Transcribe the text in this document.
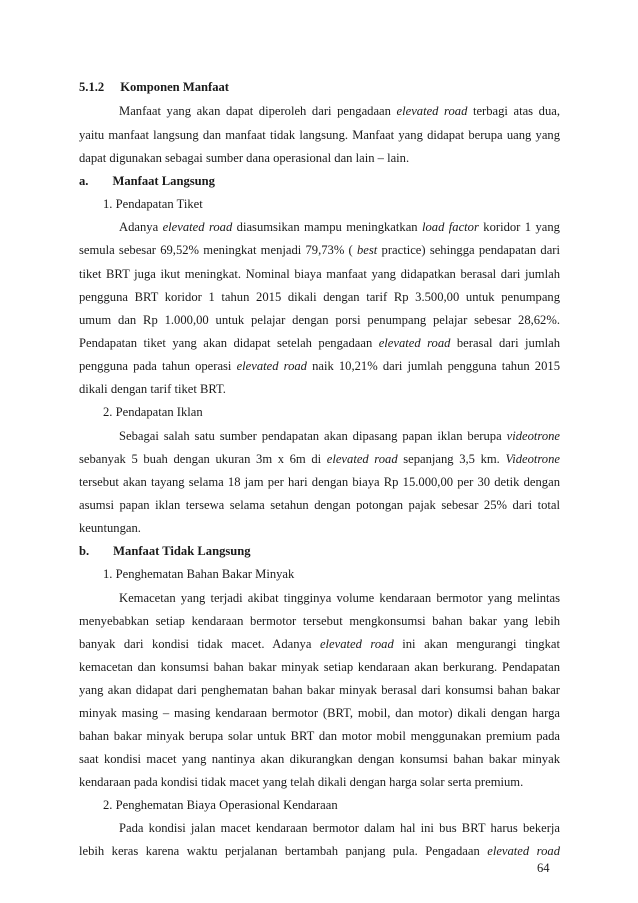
5.1.2 Komponen Manfaat
Manfaat yang akan dapat diperoleh dari pengadaan elevated road terbagi atas dua,
yaitu manfaat langsung dan manfaat tidak langsung. Manfaat yang didapat berupa uang yang
dapat digunakan sebagai sumber dana operasional dan lain – lain.
a. Manfaat Langsung
1. Pendapatan Tiket
Adanya elevated road diasumsikan mampu meningkatkan load factor koridor 1 yang
semula sebesar 69,52% meningkat menjadi 79,73% ( best practice) sehingga pendapatan dari
tiket BRT juga ikut meningkat. Nominal biaya manfaat yang didapatkan berasal dari jumlah
pengguna BRT koridor 1 tahun 2015 dikali dengan tarif Rp 3.500,00 untuk penumpang
umum dan Rp 1.000,00 untuk pelajar dengan porsi penumpang pelajar sebesar 28,62%.
Pendapatan tiket yang akan didapat setelah pengadaan elevated road berasal dari jumlah
pengguna pada tahun operasi elevated road naik 10,21% dari jumlah pengguna tahun 2015
dikali dengan tarif tiket BRT.
2. Pendapatan Iklan
Sebagai salah satu sumber pendapatan akan dipasang papan iklan berupa videotrone
sebanyak 5 buah dengan ukuran 3m x 6m di elevated road sepanjang 3,5 km. Videotrone
tersebut akan tayang selama 18 jam per hari dengan biaya Rp 15.000,00 per 30 detik dengan
asumsi papan iklan tersewa selama setahun dengan potongan pajak sebesar 25% dari total
keuntungan.
b. Manfaat Tidak Langsung
1. Penghematan Bahan Bakar Minyak
Kemacetan yang terjadi akibat tingginya volume kendaraan bermotor yang melintas
menyebabkan setiap kendaraan bermotor tersebut mengkonsumsi bahan bakar yang lebih
banyak dari kondisi tidak macet. Adanya elevated road ini akan mengurangi tingkat
kemacetan dan konsumsi bahan bakar minyak setiap kendaraan akan berkurang. Pendapatan
yang akan didapat dari penghematan bahan bakar minyak berasal dari konsumsi bahan bakar
minyak masing – masing kendaraan bermotor (BRT, mobil, dan motor) dikali dengan harga
bahan bakar minyak berupa solar untuk BRT dan motor mobil menggunakan premium pada
saat kondisi macet yang nantinya akan dikurangkan dengan konsumsi bahan bakar minyak
kendaraan pada kondisi tidak macet yang telah dikali dengan harga solar serta premium.
2. Penghematan Biaya Operasional Kendaraan
Pada kondisi jalan macet kendaraan bermotor dalam hal ini bus BRT harus bekerja
lebih keras karena waktu perjalanan bertambah panjang pula. Pengadaan elevated road
64
